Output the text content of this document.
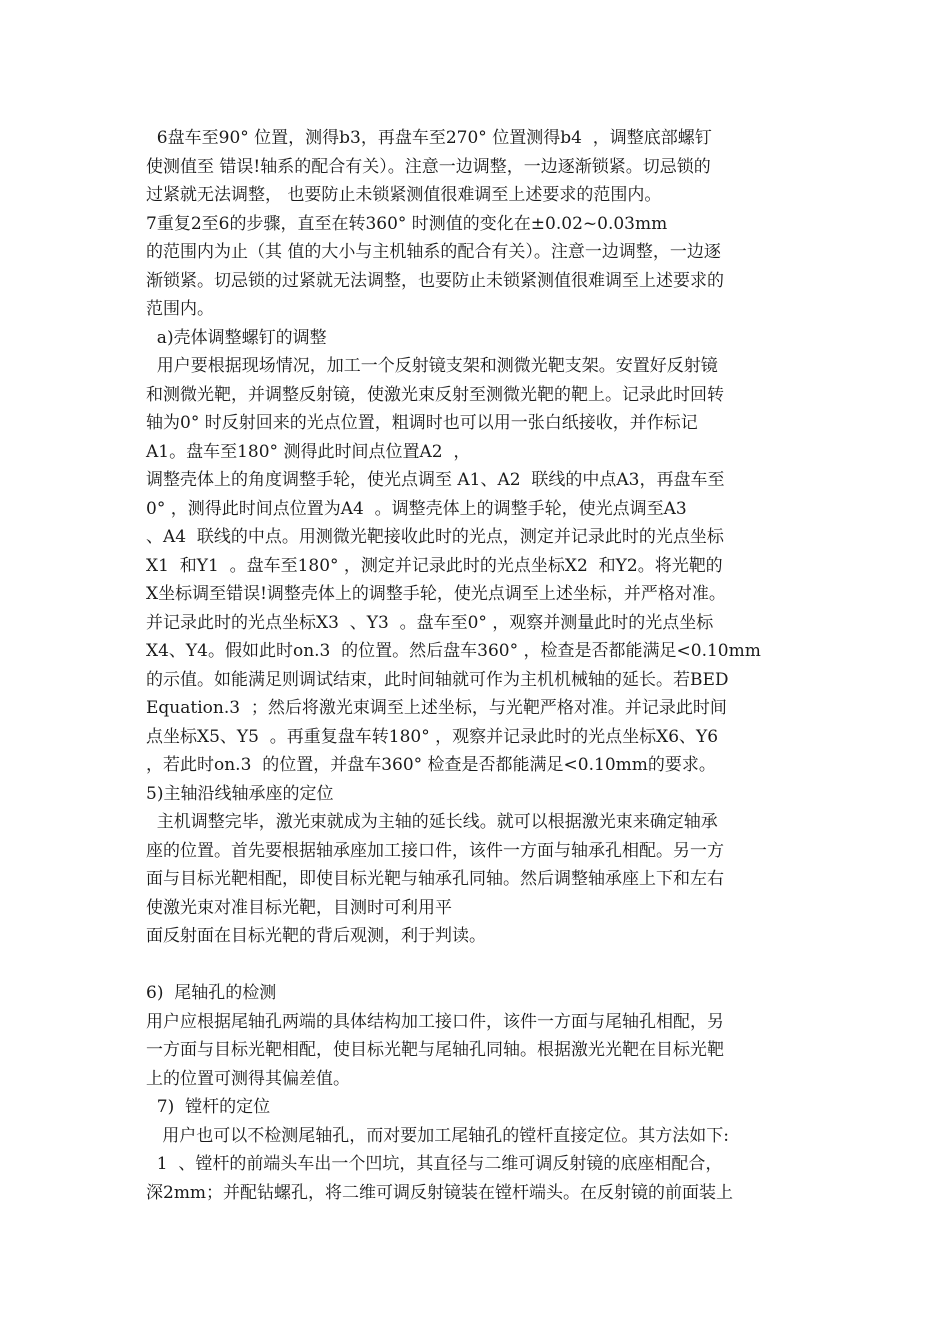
6盘车至90° 位置，测得b3，再盘车至270° 位置测得b4  ，调整底部螺钉
使测值至 错误!轴系的配合有关）。注意一边调整，一边逐渐锁紧。切忌锁的
过紧就无法调整， 也要防止未锁紧测值很难调至上述要求的范围内。
7重复2至6的步骤，直至在转360° 时测值的变化在±0.02~0.03mm
的范围内为止（其 值的大小与主机轴系的配合有关）。注意一边调整，一边逐
渐锁紧。切忌锁的过紧就无法调整，也要防止未锁紧测值很难调至上述要求的
范围内。
a)壳体调整螺钉的调整
用户要根据现场情况，加工一个反射镜支架和测微光靶支架。安置好反射镜
和测微光靶，并调整反射镜，使激光束反射至测微光靶的靶上。记录此时回转
轴为0° 时反射回来的光点位置，粗调时也可以用一张白纸接收，并作标记
A1。盘车至180° 测得此时间点位置A2  ，
调整壳体上的角度调整手轮，使光点调至 A1、A2  联线的中点A3，再盘车至
0° ，测得此时间点位置为A4  。调整壳体上的调整手轮，使光点调至A3
、A4  联线的中点。用测微光靶接收此时的光点，测定并记录此时的光点坐标
X1  和Y1  。盘车至180° ，测定并记录此时的光点坐标X2  和Y2。将光靶的
X坐标调至错误!调整壳体上的调整手轮，使光点调至上述坐标，并严格对准。
并记录此时的光点坐标X3  、Y3  。盘车至0° ，观察并测量此时的光点坐标
X4、Y4。假如此时on.3  的位置。然后盘车360° ，检查是否都能满足<0.10mm
的示值。如能满足则调试结束，此时间轴就可作为主机机械轴的延长。若BED
Equation.3  ；然后将激光束调至上述坐标，与光靶严格对准。并记录此时间
点坐标X5、Y5  。再重复盘车转180° ，观察并记录此时的光点坐标X6、Y6
，若此时on.3  的位置，并盘车360° 检查是否都能满足<0.10mm的要求。
5)主轴沿线轴承座的定位
主机调整完毕，激光束就成为主轴的延长线。就可以根据激光束来确定轴承
座的位置。首先要根据轴承座加工接口件，该件一方面与轴承孔相配。另一方
面与目标光靶相配，即使目标光靶与轴承孔同轴。然后调整轴承座上下和左右
使激光束对准目标光靶，目测时可利用平
面反射面在目标光靶的背后观测，利于判读。
6)  尾轴孔的检测
用户应根据尾轴孔两端的具体结构加工接口件，该件一方面与尾轴孔相配，另
一方面与目标光靶相配，使目标光靶与尾轴孔同轴。根据激光光靶在目标光靶
上的位置可测得其偏差值。
7)  镗杆的定位
用户也可以不检测尾轴孔，而对要加工尾轴孔的镗杆直接定位。其方法如下:
1  、镗杆的前端头车出一个凹坑，其直径与二维可调反射镜的底座相配合，
深2mm；并配钻螺孔，将二维可调反射镜装在镗杆端头。在反射镜的前面装上
